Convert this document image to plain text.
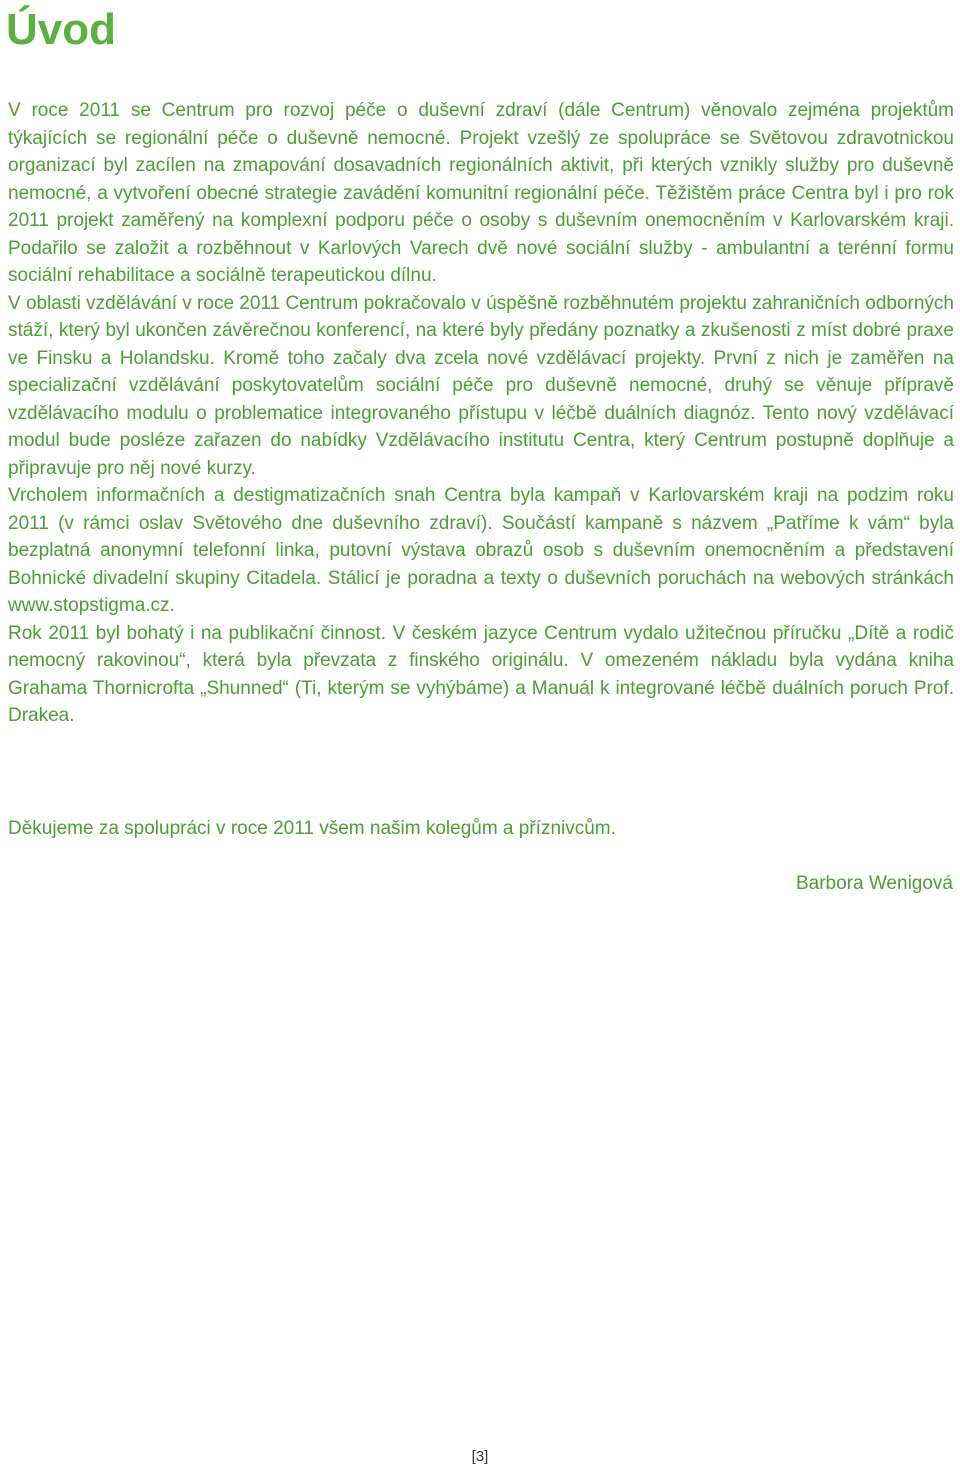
Úvod

V roce 2011 se Centrum pro rozvoj péče o duševní zdraví (dále Centrum) věnovalo zejména projektům týkajících se regionální péče o duševně nemocné. Projekt vzešlý ze spolupráce se Světovou zdravotnickou organizací byl zacílen na zmapování dosavadních regionálních aktivit, při kterých vznikly služby pro duševně nemocné, a vytvoření obecné strategie zavádění komunitní regionální péče. Těžištěm práce Centra byl i pro rok 2011 projekt zaměřený na komplexní podporu péče o osoby s duševním onemocněním v Karlovarském kraji. Podařilo se založit a rozběhnout v Karlových Varech dvě nové sociální služby - ambulantní a terénní formu sociální rehabilitace a sociálně terapeutickou dílnu.

V oblasti vzdělávání v roce 2011 Centrum pokračovalo v úspěšně rozběhnutém projektu zahraničních odborných stáží, který byl ukončen závěrečnou konferencí, na které byly předány poznatky a zkušenosti z míst dobré praxe ve Finsku a Holandsku. Kromě toho začaly dva zcela nové vzdělávací projekty. První z nich je zaměřen na specializační vzdělávání poskytovatelům sociální péče pro duševně nemocné, druhý se věnuje přípravě vzdělávacího modulu o problematice integrovaného přístupu v léčbě duálních diagnóz. Tento nový vzdělávací modul bude posléze zařazen do nabídky Vzdělávacího institutu Centra, který Centrum postupně doplňuje a připravuje pro něj nové kurzy.

Vrcholem informačních a destigmatizačních snah Centra byla kampaň v Karlovarském kraji na podzim roku 2011 (v rámci oslav Světového dne duševního zdraví). Součástí kampaně s názvem „Patříme k vám“ byla bezplatná anonymní telefonní linka, putovní výstava obrazů osob s duševním onemocněním a představení Bohnické divadelní skupiny Citadela. Stálicí je poradna a texty o duševních poruchách na webových stránkách www.stopstigma.cz.

Rok 2011 byl bohatý i na publikační činnost. V českém jazyce Centrum vydalo užitečnou příručku „Dítě a rodič nemocný rakovinou“, která byla převzata z finského originálu. V omezeném nákladu byla vydána kniha Grahama Thornicrofta „Shunned“ (Ti, kterým se vyhýbáme) a Manuál k integrované léčbě duálních poruch Prof. Drakea.

Děkujeme za spolupráci v roce 2011 všem našim kolegům a příznivcům.

Barbora Wenigová

[3]
